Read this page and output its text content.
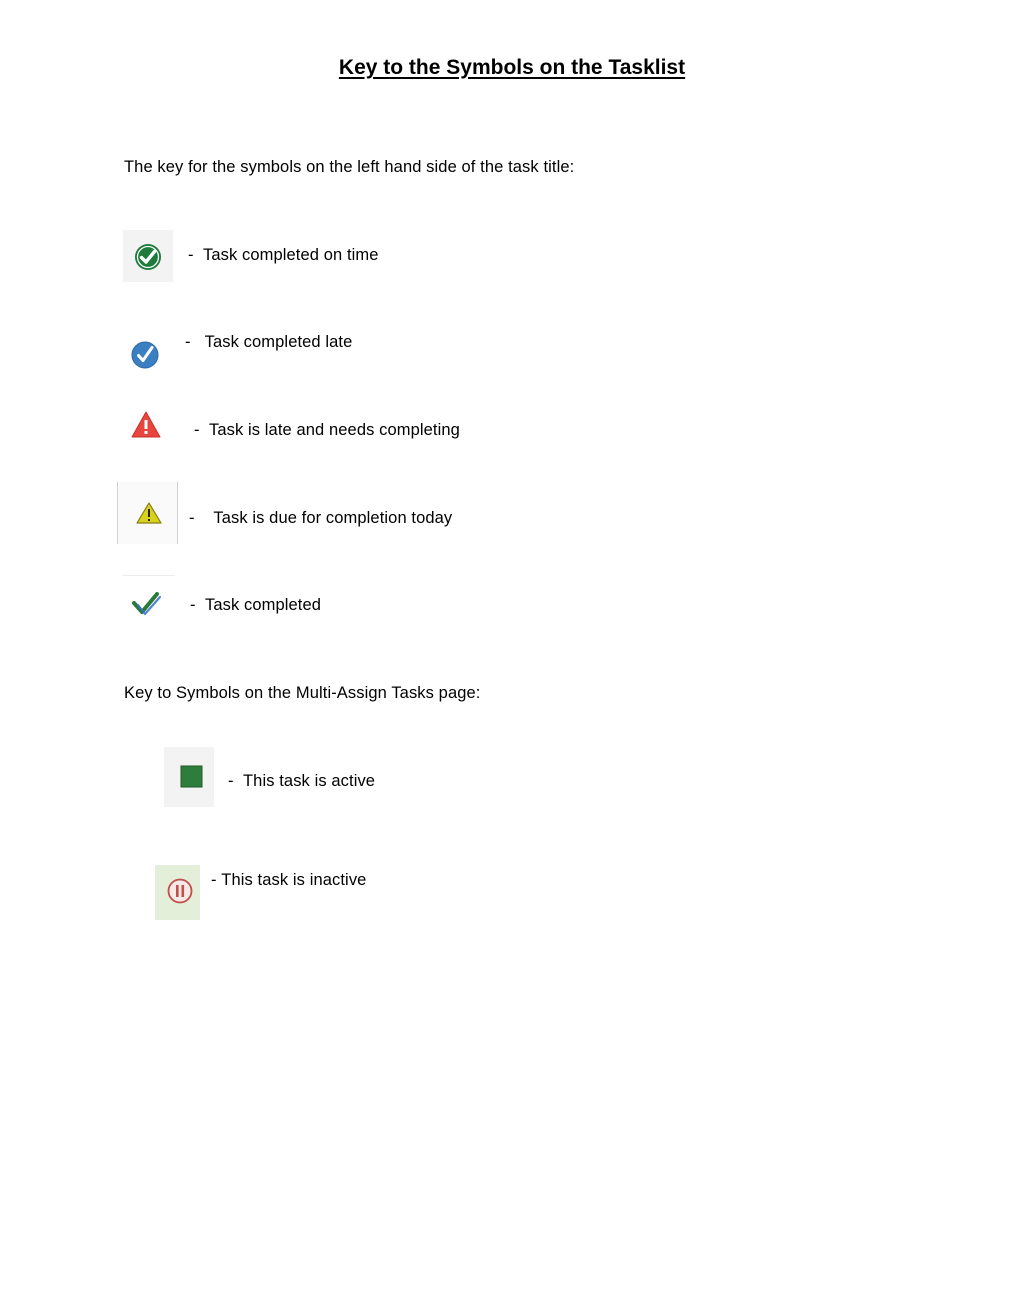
Key to the Symbols on the Tasklist
The key for the symbols on the left hand side of the task title:
- Task completed on time
- Task completed late
- Task is late and needs completing
- Task is due for completion today
- Task completed
Key to Symbols on the Multi-Assign Tasks page:
- This task is active
- This task is inactive
